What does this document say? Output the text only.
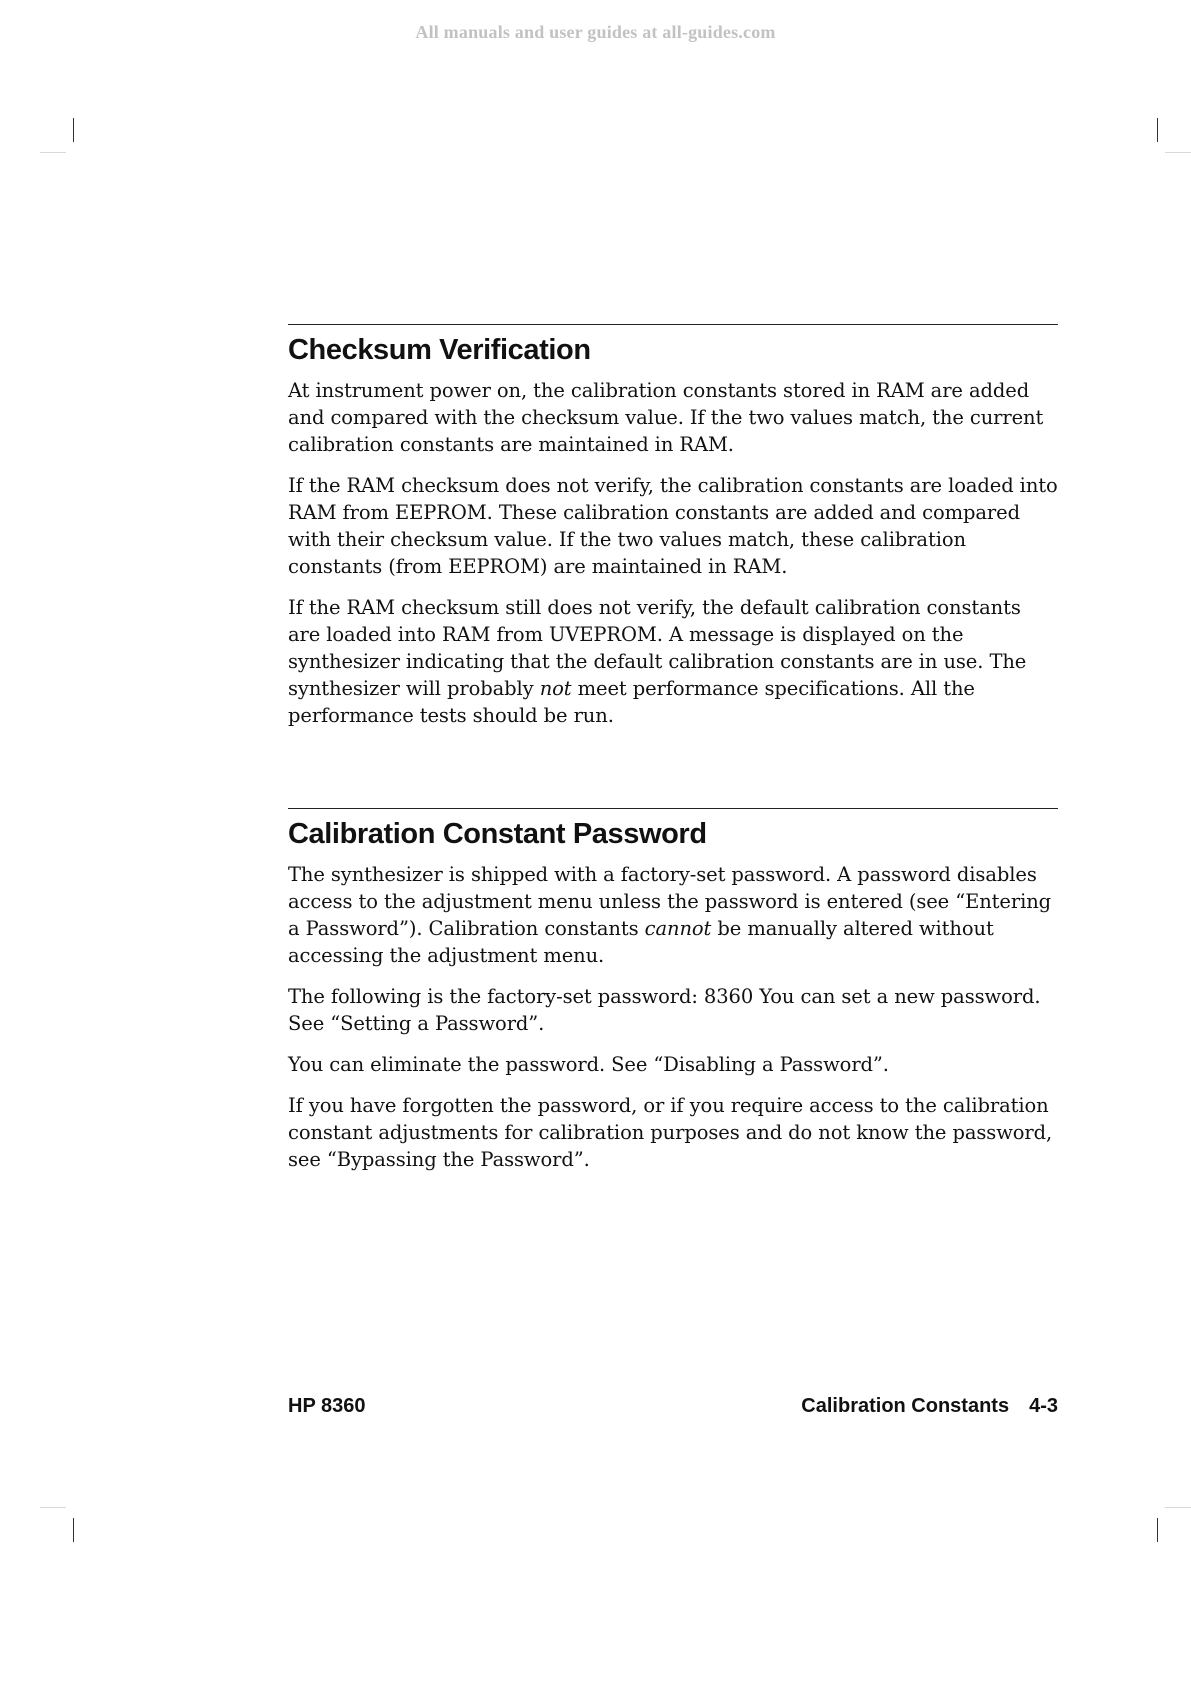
All manuals and user guides at all-guides.com
Checksum Verification

At instrument power on, the calibration constants stored in RAM are added and compared with the checksum value. If the two values match, the current calibration constants are maintained in RAM.

If the RAM checksum does not verify, the calibration constants are loaded into RAM from EEPROM. These calibration constants are added and compared with their checksum value. If the two values match, these calibration constants (from EEPROM) are maintained in RAM.

If the RAM checksum still does not verify, the default calibration constants are loaded into RAM from UVEPROM. A message is displayed on the synthesizer indicating that the default calibration constants are in use. The synthesizer will probably not meet performance specifications. All the performance tests should be run.

Calibration Constant Password

The synthesizer is shipped with a factory-set password. A password disables access to the adjustment menu unless the password is entered (see “Entering a Password”). Calibration constants cannot be manually altered without accessing the adjustment menu.

The following is the factory-set password: 8360 You can set a new password. See “Setting a Password”.

You can eliminate the password. See “Disabling a Password”.

If you have forgotten the password, or if you require access to the calibration constant adjustments for calibration purposes and do not know the password, see “Bypassing the Password”.

HP 8360	Calibration Constants 4-3
